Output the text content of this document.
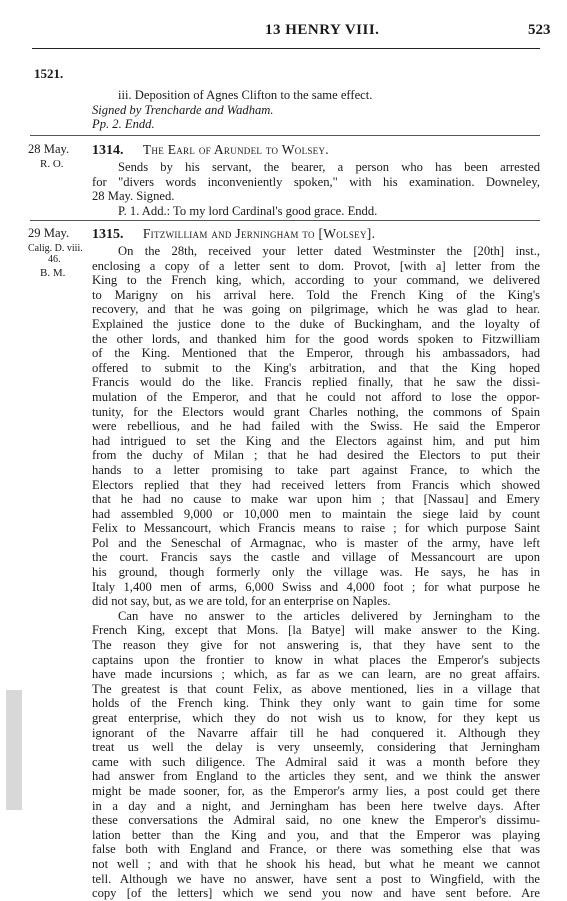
13 HENRY VIII.	523
1521.
iii. Deposition of Agnes Clifton to the same effect.
Signed by Trencharde and Wadham.
Pp. 2. Endd.
28 May.
R. O.
1314. The Earl of Arundel to Wolsey.
Sends by his servant, the bearer, a person who has been arrested
for "divers words inconveniently spoken," with his examination. Downeley,
28 May. Signed.
P. 1. Add.: To my lord Cardinal's good grace. Endd.
29 May.
Calig. D. viii.
46.
B. M.
1315. Fitzwilliam and Jerningham to [Wolsey].
On the 28th, received your letter dated Westminster the [20th] inst.,
enclosing a copy of a letter sent to dom. Provot, [with a] letter from the
King to the French king, which, according to your command, we delivered
to Marigny on his arrival here. Told the French King of the King's
recovery, and that he was going on pilgrimage, which he was glad to hear.
Explained the justice done to the duke of Buckingham, and the loyalty of
the other lords, and thanked him for the good words spoken to Fitzwilliam
of the King. Mentioned that the Emperor, through his ambassadors, had
offered to submit to the King's arbitration, and that the King hoped
Francis would do the like. Francis replied finally, that he saw the dissi-
mulation of the Emperor, and that he could not afford to lose the oppor-
tunity, for the Electors would grant Charles nothing, the commons of Spain
were rebellious, and he had failed with the Swiss. He said the Emperor
had intrigued to set the King and the Electors against him, and put him
from the duchy of Milan ; that he had desired the Electors to put their
hands to a letter promising to take part against France, to which the
Electors replied that they had received letters from Francis which showed
that he had no cause to make war upon him ; that [Nassau] and Emery
had assembled 9,000 or 10,000 men to maintain the siege laid by count
Felix to Messancourt, which Francis means to raise ; for which purpose Saint
Pol and the Seneschal of Armagnac, who is master of the army, have left
the court. Francis says the castle and village of Messancourt are upon
his ground, though formerly only the village was. He says, he has in
Italy 1,400 men of arms, 6,000 Swiss and 4,000 foot ; for what purpose he
did not say, but, as we are told, for an enterprise on Naples.
Can have no answer to the articles delivered by Jerningham to the
French King, except that Mons. [la Batye] will make answer to the King.
The reason they give for not answering is, that they have sent to the
captains upon the frontier to know in what places the Emperor's subjects
have made incursions ; which, as far as we can learn, are no great affairs.
The greatest is that count Felix, as above mentioned, lies in a village that
holds of the French king. Think they only want to gain time for some
great enterprise, which they do not wish us to know, for they kept us
ignorant of the Navarre affair till he had conquered it. Although they
treat us well the delay is very unseemly, considering that Jerningham
came with such diligence. The Admiral said it was a month before they
had answer from England to the articles they sent, and we think the answer
might be made sooner, for, as the Emperor's army lies, a post could get there
in a day and a night, and Jerningham has been here twelve days. After
these conversations the Admiral said, no one knew the Emperor's dissimu-
lation better than the King and you, and that the Emperor was playing
false both with England and France, or there was something else that was
not well ; and with that he shook his head, but what he meant we cannot
tell. Although we have no answer, have sent a post to Wingfield, with the
copy [of the letters] which we send you now and have sent before. Are
